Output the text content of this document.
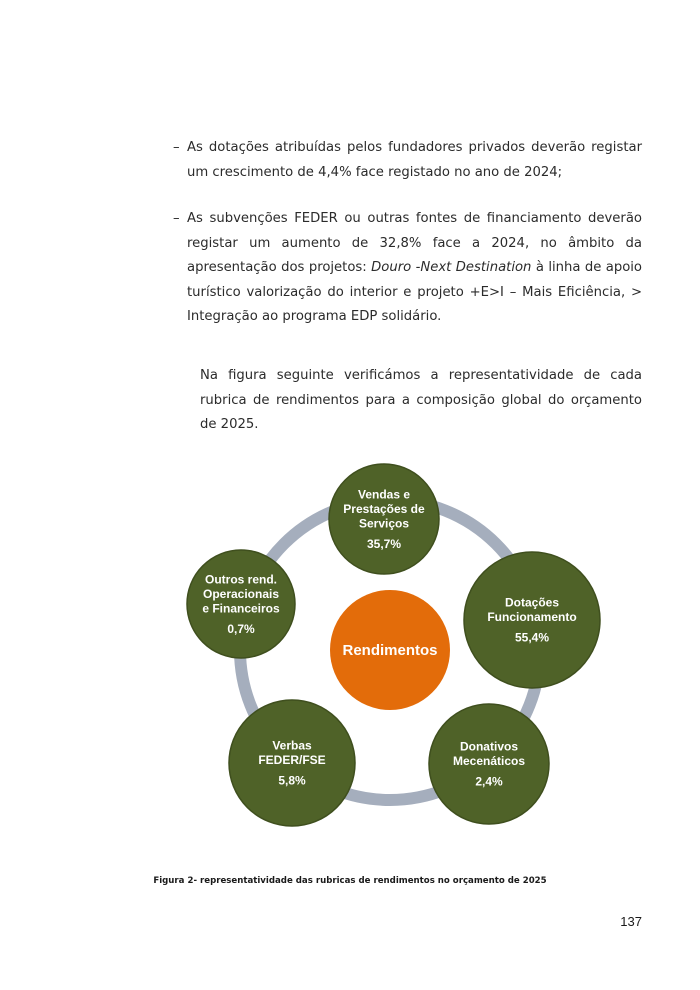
– As dotações atribuídas pelos fundadores privados deverão registar um crescimento de 4,4% face registado no ano de 2024;
– As subvenções FEDER ou outras fontes de financiamento deverão registar um aumento de 32,8% face a 2024, no âmbito da apresentação dos projetos: Douro -Next Destination à linha de apoio turístico valorização do interior e projeto +E>I – Mais Eficiência, > Integração ao programa EDP solidário.
Na figura seguinte verificámos a representatividade de cada rubrica de rendimentos para a composição global do orçamento de 2025.
Vendas e
Prestações de
Serviços
35,7%
Dotações
Funcionamento
55,4%
Donativos
Mecenáticos
2,4%
Verbas
FEDER/FSE
5,8%
Outros rend.
Operacionais
e Financeiros
0,7%
Rendimentos
Figura 2- representatividade das rubricas de rendimentos no orçamento de 2025
137
